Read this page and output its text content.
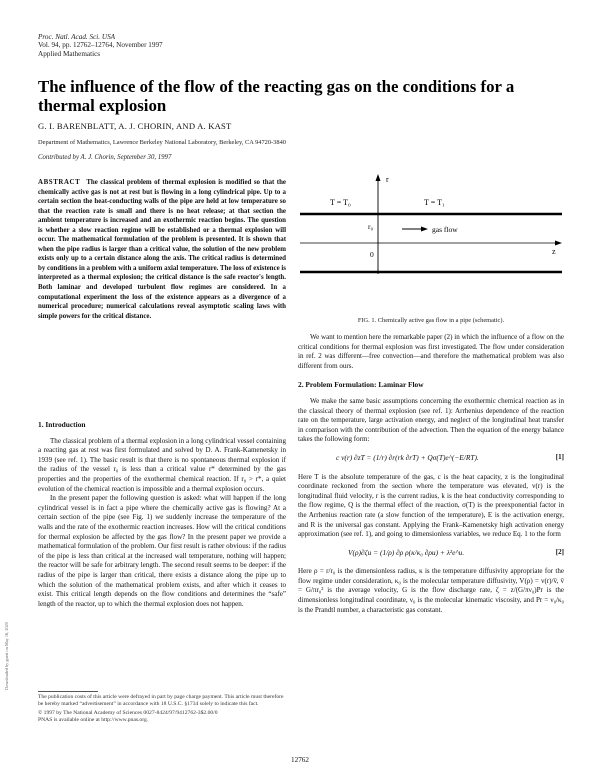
Proc. Natl. Acad. Sci. USA
Vol. 94, pp. 12762–12764, November 1997
Applied Mathematics
The influence of the flow of the reacting gas on the conditions for a thermal explosion
G. I. BARENBLATT, A. J. CHORIN, AND A. KAST
Department of Mathematics, Lawrence Berkeley National Laboratory, Berkeley, CA 94720-3840
Contributed by A. J. Chorin, September 30, 1997
ABSTRACT The classical problem of thermal explosion is modified so that the chemically active gas is not at rest but is flowing in a long cylindrical pipe. Up to a certain section the heat-conducting walls of the pipe are held at low temperature so that the reaction rate is small and there is no heat release; at that section the ambient temperature is increased and an exothermic reaction begins. The question is whether a slow reaction regime will be established or a thermal explosion will occur. The mathematical formulation of the problem is presented. It is shown that when the pipe radius is larger than a critical value, the solution of the new problem exists only up to a certain distance along the axis. The critical radius is determined by conditions in a problem with a uniform axial temperature. The loss of existence is interpreted as a thermal explosion; the critical distance is the safe reactor's length. Both laminar and developed turbulent flow regimes are considered. In a computational experiment the loss of the existence appears as a divergence of a numerical procedure; numerical calculations reveal asymptotic scaling laws with simple powers for the critical distance.
1. Introduction

The classical problem of a thermal explosion in a long cylindrical vessel containing a reacting gas at rest was first formulated and solved by D. A. Frank-Kamenetsky in 1939 (see ref. 1). The basic result is that there is no spontaneous thermal explosion if the radius of the vessel r₀ is less than a critical value r* determined by the gas properties and the properties of the exothermal chemical reaction. If r₀ > r*, a quiet evolution of the chemical reaction is impossible and a thermal explosion occurs.

In the present paper the following question is asked: what will happen if the long cylindrical vessel is in fact a pipe where the chemically active gas is flowing? At a certain section of the pipe (see Fig. 1) we suddenly increase the temperature of the walls and the rate of the exothermic reaction increases. How will the critical conditions for thermal explosion be affected by the gas flow? In the present paper we provide a mathematical formulation of the problem. Our first result is rather obvious: if the radius of the pipe is less than critical at the increased wall temperature, nothing will happen; the reactor will be safe for arbitrary length. The second result seems to be deeper: if the radius of the pipe is larger than critical, there exists a distance along the pipe up to which the solution of the mathematical problem exists, and after which it ceases to exist. This critical length depends on the flow conditions and determines the “safe” length of the reactor, up to which the thermal explosion does not happen.

The publication costs of this article were defrayed in part by page charge payment. This article must therefore be hereby marked “advertisement” in accordance with 18 U.S.C. §1734 solely to indicate this fact.

© 1997 by The National Academy of Sciences 0027-8424/97/9412762-3$2.00/0

PNAS is available online at http://www.pnas.org.

r
z
T = T₀	T = T₁
r₀
0
gas flow
FIG. 1. Chemically active gas flow in a pipe (schematic).

We want to mention here the remarkable paper (2) in which the influence of a flow on the critical conditions for thermal explosion was first investigated. The flow under consideration in ref. 2 was different—free convection—and therefore the mathematical problem was also different from ours.

2. Problem Formulation: Laminar Flow

We make the same basic assumptions concerning the exothermic chemical reaction as in the classical theory of thermal explosion (see ref. 1): Arrhenius dependence of the reaction rate on the temperature, large activation energy, and neglect of the longitudinal heat transfer in comparison with the contribution of the advection. Then the equation of the energy balance takes the following form:

c v(r) ∂zT = (1/r) ∂r(rk ∂rT) + Qσ(T)e^(−E/RT).	[1]

Here T is the absolute temperature of the gas, c is the heat capacity, z is the longitudinal coordinate reckoned from the section where the temperature was elevated, v(r) is the longitudinal fluid velocity, r is the current radius, k is the heat conductivity corresponding to the flow regime, Q is the thermal effect of the reaction, σ(T) is the preexponential factor in the Arrhenius reaction rate (a slow function of the temperature), E is the activation energy, and R is the universal gas constant. Applying the Frank–Kamenetsky high activation energy approximation (see ref. 1), and going to dimensionless variables, we reduce Eq. 1 to the form

V(ρ)∂ζu = (1/ρ) ∂ρ ρ(κ/κ₀ ∂ρu) + λ²e^u.	[2]

Here ρ = r/r₀ is the dimensionless radius, κ is the temperature diffusivity appropriate for the flow regime under consideration, κ₀ is the molecular temperature diffusivity, V(ρ) = v(r)/v̄, v̄ = G/πr₀² is the average velocity, G is the flow discharge rate, ζ = z/(G/πν₀)Pr is the dimensionless longitudinal coordinate, ν₀ is the molecular kinematic viscosity, and Pr = ν₀/κ₀ is the Prandtl number, a characteristic gas constant.

12762
Downloaded by guest on May 16, 2020
